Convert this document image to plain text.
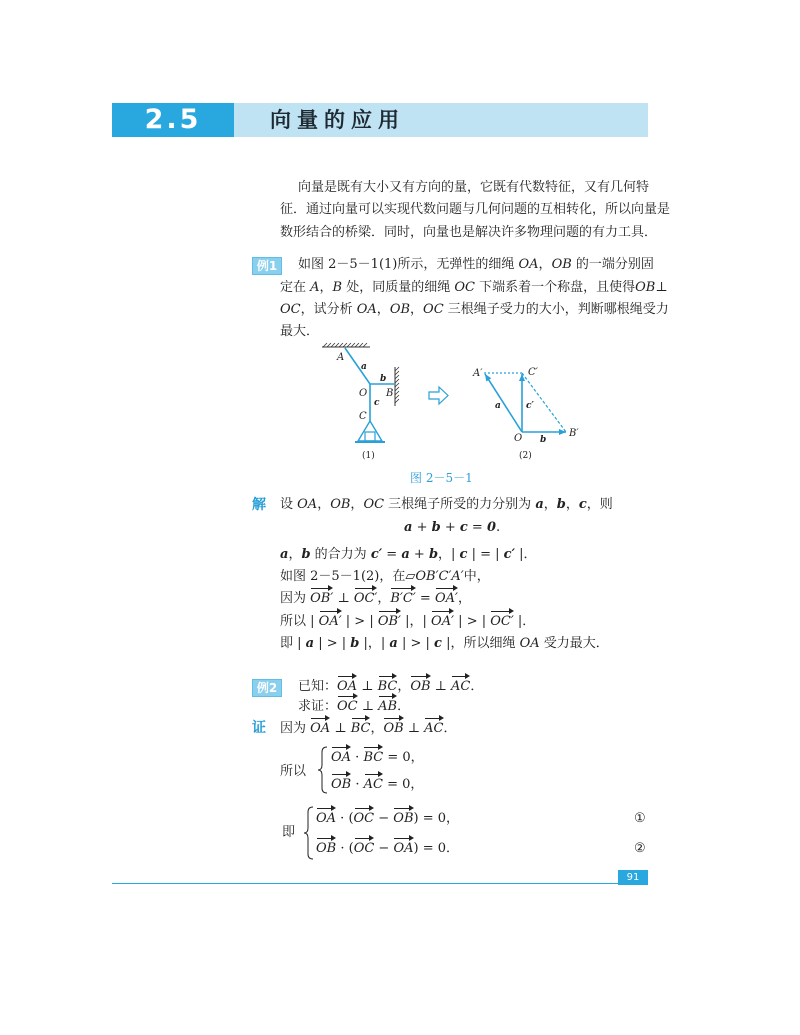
2.5	向量的应用
向量是既有大小又有方向的量，它既有代数特征，又有几何特
征．通过向量可以实现代数问题与几何问题的互相转化，所以向量是
数形结合的桥梁．同时，向量也是解决许多物理问题的有力工具．
例1	如图 2－5－1(1)所示，无弹性的细绳 OA，OB 的一端分别固
定在 A，B 处，同质量的细绳 OC 下端系着一个称盘，且使得OB⊥
OC，试分析 OA，OB，OC 三根绳子受力的大小，判断哪根绳受力
最大．
A
a
O
b
B
C
c
(1)
A′	C′
a	c′
O b
B′
(2)
图 2－5－1
解 设 OA，OB，OC 三根绳子所受的力分别为 a，b，c，则
a + b + c = 0.
a，b 的合力为 c′ = a + b，| c | = | c′ |．
如图 2－5－1(2)，在▱OB′C′A′中，
因为 OB′ ⊥ OC′，B′C′ = OA′，
所以 | OA′ | > | OB′ |，| OA′ | > | OC′ |．
即 | a | > | b |，| a | > | c |，所以细绳 OA 受力最大．
例2	已知：OA ⊥ BC，OB ⊥ AC．
求证：OC ⊥ AB．
证 因为 OA ⊥ BC，OB ⊥ AC．
所以
OA · BC = 0，
OB · AC = 0，
即
OA · (OC − OB) = 0，
OB · (OC − OA) = 0．
①
②
91
